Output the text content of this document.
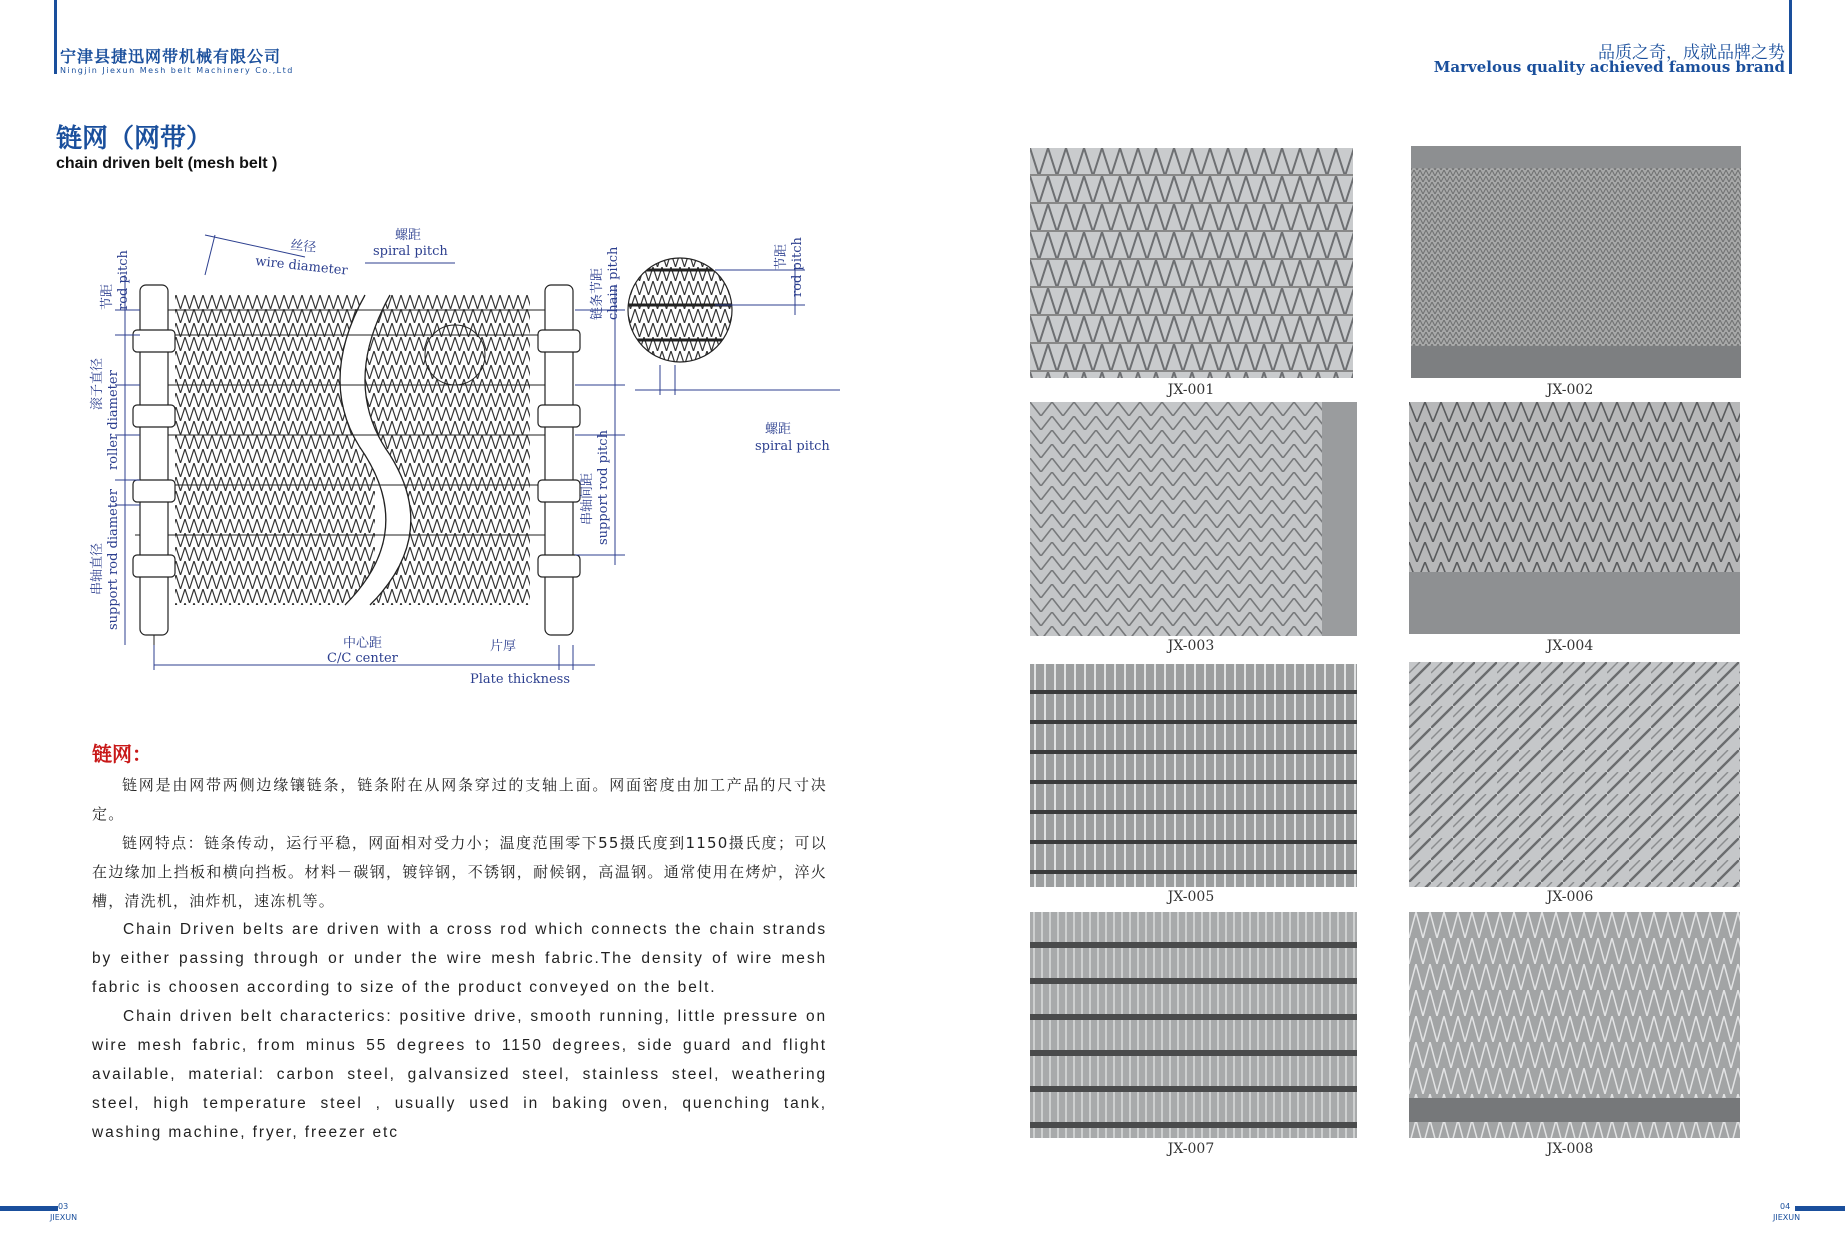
宁津县捷迅网带机械有限公司
Ningjin Jiexun Mesh belt Machinery Co.,Ltd
品质之奇，成就品牌之势
Marvelous quality achieved famous brand
链网（网带）
chain driven belt (mesh belt )
丝径
wire diameter
螺距
spiral pitch
节距 rod pitch
滚子直径 roller diameter
串轴直径 support rod diameter
链条节距 chain pitch
串轴间距 support rod pitch
节距 rod pitch
螺距
spiral pitch
中心距
C/C center
片厚
Plate thickness
链网：
链网是由网带两侧边缘镶链条，链条附在从网条穿过的支轴上面。网面密度由加工产品的尺寸决定。
链网特点：链条传动，运行平稳，网面相对受力小；温度范围零下55摄氏度到1150摄氏度；可以在边缘加上挡板和横向挡板。材料－碳钢，镀锌钢，不锈钢，耐候钢，高温钢。通常使用在烤炉，淬火槽，清洗机，油炸机，速冻机等。
Chain Driven belts are driven with a cross rod which connects the chain strands by either passing through or under the wire mesh fabric.The density of wire mesh fabric is choosen according to size of the product conveyed on the belt.
Chain driven belt characterics: positive drive, smooth running, little pressure on wire mesh fabric, from minus 55 degrees to 1150 degrees, side guard and flight available, material: carbon steel, galvansized steel, stainless steel, weathering steel, high temperature steel , usually used in baking oven, quenching tank, washing machine, fryer, freezer etc
JX-001	JX-002
JX-003	JX-004
JX-005	JX-006
JX-007	JX-008
03
JIEXUN
04
JIEXUN
